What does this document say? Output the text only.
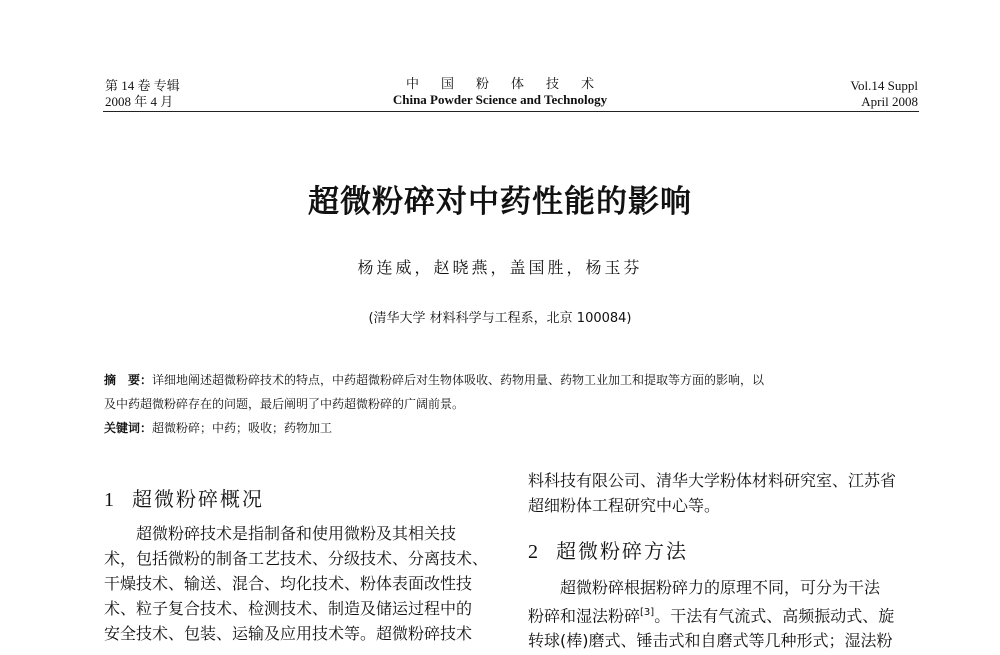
第 14 卷 专辑
2008 年 4 月
中国粉体技术
China Powder Science and Technology
Vol.14 Suppl
April 2008
超微粉碎对中药性能的影响
杨连威，赵晓燕，盖国胜，杨玉芬
(清华大学 材料科学与工程系，北京 100084)
摘　要：详细地阐述超微粉碎技术的特点，中药超微粉碎后对生物体吸收、药物用量、药物工业加工和提取等方面的影响，以
及中药超微粉碎存在的问题，最后阐明了中药超微粉碎的广阔前景。
关键词：超微粉碎；中药；吸收；药物加工
1 超微粉碎概况
超微粉碎技术是指制备和使用微粉及其相关技
术，包括微粉的制备工艺技术、分级技术、分离技术、
干燥技术、输送、混合、均化技术、粉体表面改性技
术、粒子复合技术、检测技术、制造及储运过程中的
安全技术、包装、运输及应用技术等。超微粉碎技术
料科技有限公司、清华大学粉体材料研究室、江苏省
超细粉体工程研究中心等。
2 超微粉碎方法
超微粉碎根据粉碎力的原理不同，可分为干法
粉碎和湿法粉碎[3]。干法有气流式、高频振动式、旋
转球(棒)磨式、锤击式和自磨式等几种形式；湿法粉
